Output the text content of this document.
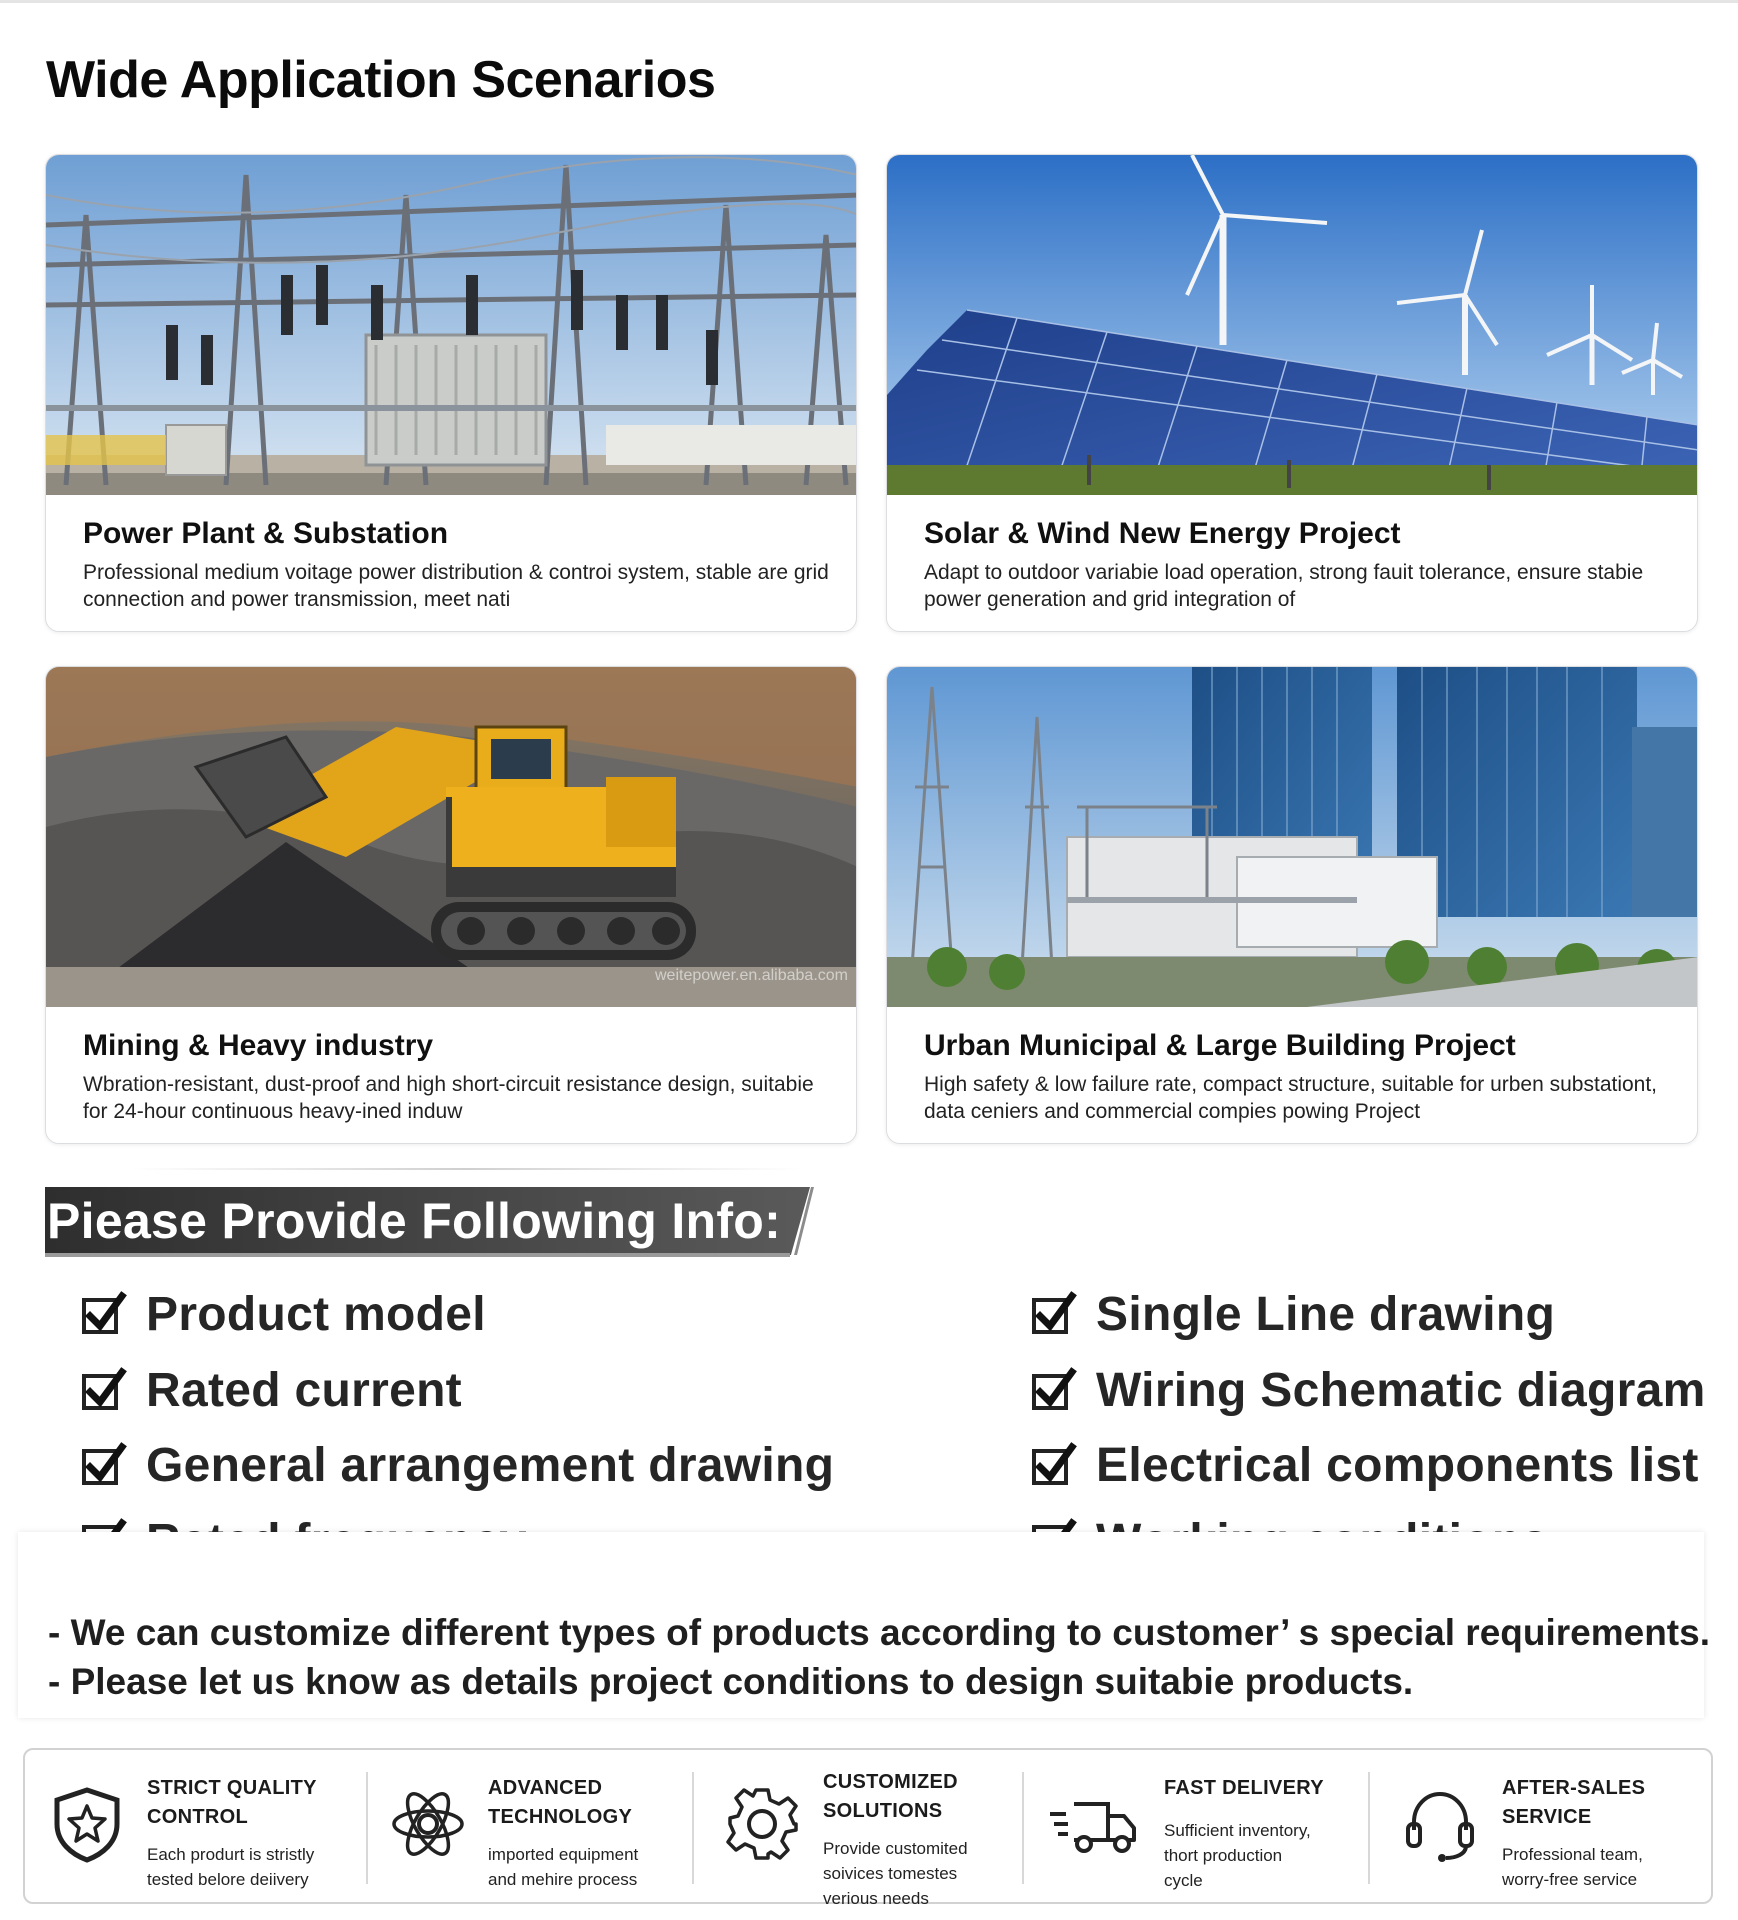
Wide Application Scenarios
Power Plant & Substation
Professional medium voitage power distribution & controi system, stable are grid connection and power transmission, meet nati
Solar & Wind New Energy Project
Adapt to outdoor variabie load operation, strong fauit tolerance, ensure stabie power generation and grid integration of
weitepower.en.alibaba.com
Mining & Heavy industry
Wbration-resistant, dust-proof and high short-circuit resistance design, suitabie for 24-hour continuous heavy-ined induw
Urban Municipal & Large Building Project
High safety & low failure rate, compact structure, suitable for urben substationt, data ceniers and commercial compies powing Project
Piease Provide Following Info:
Product model
Rated current
General arrangement drawing
Single Line drawing
Wiring Schematic diagram
Electrical components list
- We can customize different types of products according to customer’ s special requirements.
- Please let us know as details project conditions to design suitabie products.
STRICT QUALITY
CONTROL
Each produrt is stristly
tested belore deiivery
ADVANCED
TECHNOLOGY
imported equipment
and mehire process
CUSTOMIZED
SOLUTIONS
Provide customited
soivices tomestes
verious needs
FAST DELIVERY
Sufficient inventory,
thort production
cycle
AFTER-SALES
SERVICE
Professional team,
worry-free service
